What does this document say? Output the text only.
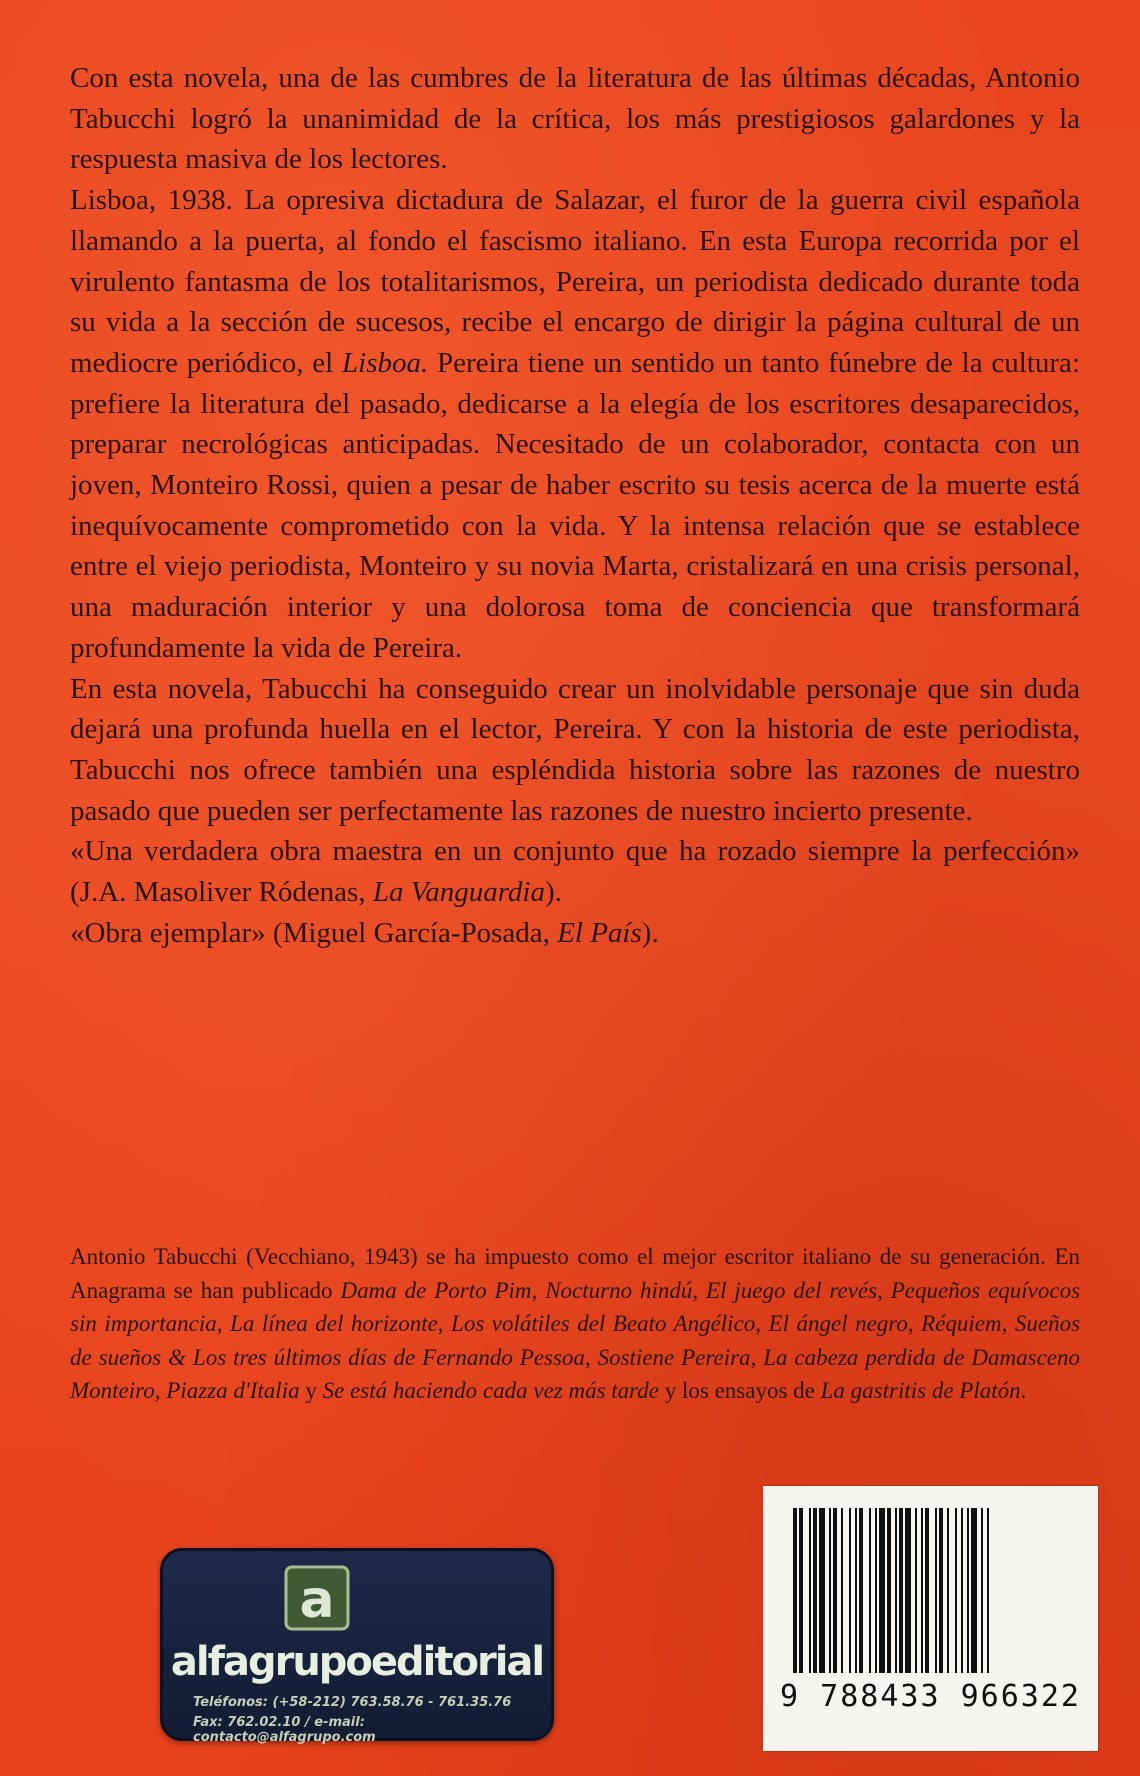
Con esta novela, una de las cumbres de la literatura de las últimas décadas, Antonio Tabucchi logró la unanimidad de la crítica, los más prestigiosos galardones y la respuesta masiva de los lectores.

Lisboa, 1938. La opresiva dictadura de Salazar, el furor de la guerra civil española llamando a la puerta, al fondo el fascismo italiano. En esta Europa recorrida por el virulento fantasma de los totalitarismos, Pereira, un periodista dedicado durante toda su vida a la sección de sucesos, recibe el encargo de dirigir la página cultural de un mediocre periódico, el Lisboa. Pereira tiene un sentido un tanto fúnebre de la cultura: prefiere la literatura del pasado, dedicarse a la elegía de los escritores desaparecidos, preparar necrológicas anticipadas. Necesitado de un colaborador, contacta con un joven, Monteiro Rossi, quien a pesar de haber escrito su tesis acerca de la muerte está inequívocamente comprometido con la vida. Y la intensa relación que se establece entre el viejo periodista, Monteiro y su novia Marta, cristalizará en una crisis personal, una maduración interior y una dolorosa toma de conciencia que transformará profundamente la vida de Pereira.

En esta novela, Tabucchi ha conseguido crear un inolvidable personaje que sin duda dejará una profunda huella en el lector, Pereira. Y con la historia de este periodista, Tabucchi nos ofrece también una espléndida historia sobre las razones de nuestro pasado que pueden ser perfectamente las razones de nuestro incierto presente.

«Una verdadera obra maestra en un conjunto que ha rozado siempre la perfección» (J.A. Masoliver Ródenas, La Vanguardia).

«Obra ejemplar» (Miguel García-Posada, El País).

Antonio Tabucchi (Vecchiano, 1943) se ha impuesto como el mejor escritor italiano de su generación. En Anagrama se han publicado Dama de Porto Pim, Nocturno hindú, El juego del revés, Pequeños equívocos sin importancia, La línea del horizonte, Los volátiles del Beato Angélico, El ángel negro, Réquiem, Sueños de sueños & Los tres últimos días de Fernando Pessoa, Sostiene Pereira, La cabeza perdida de Damasceno Monteiro, Piazza d'Italia y Se está haciendo cada vez más tarde y los ensayos de La gastritis de Platón.

9 788433 966322
a
alfagrupoeditorial
Teléfonos: (+58-212) 763.58.76 - 761.35.76
Fax: 762.02.10 / e-mail: contacto@alfagrupo.com
